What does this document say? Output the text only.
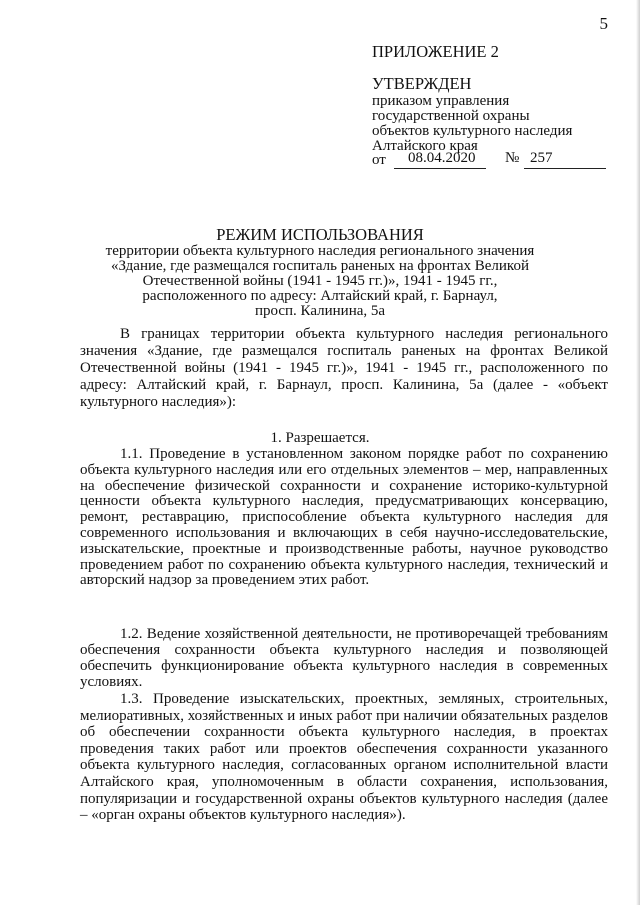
5
ПРИЛОЖЕНИЕ 2
УТВЕРЖДЕН
приказом управления
государственной охраны
объектов культурного наследия
Алтайского края
от 08.04.2020 № 257
РЕЖИМ ИСПОЛЬЗОВАНИЯ
территории объекта культурного наследия регионального значения
«Здание, где размещался госпиталь раненых на фронтах Великой
Отечественной войны (1941 - 1945 гг.)», 1941 - 1945 гг.,
расположенного по адресу: Алтайский край, г. Барнаул,
просп. Калинина, 5а
В границах территории объекта культурного наследия регионального значения «Здание, где размещался госпиталь раненых на фронтах Великой Отечественной войны (1941 - 1945 гг.)», 1941 - 1945 гг., расположенного по адресу: Алтайский край, г. Барнаул, просп. Калинина, 5а (далее - «объект культурного наследия»):
1. Разрешается.
1.1. Проведение в установленном законом порядке работ по сохранению объекта культурного наследия или его отдельных элементов – мер, направленных на обеспечение физической сохранности и сохранение историко-культурной ценности объекта культурного наследия, предусматривающих консервацию, ремонт, реставрацию, приспособление объекта культурного наследия для современного использования и включающих в себя научно-исследовательские, изыскательские, проектные и производственные работы, научное руководство проведением работ по сохранению объекта культурного наследия, технический и авторский надзор за проведением этих работ.
1.2. Ведение хозяйственной деятельности, не противоречащей требованиям обеспечения сохранности объекта культурного наследия и позволяющей обеспечить функционирование объекта культурного наследия в современных условиях.
1.3. Проведение изыскательских, проектных, земляных, строительных, мелиоративных, хозяйственных и иных работ при наличии обязательных разделов об обеспечении сохранности объекта культурного наследия, в проектах проведения таких работ или проектов обеспечения сохранности указанного объекта культурного наследия, согласованных органом исполнительной власти Алтайского края, уполномоченным в области сохранения, использования, популяризации и государственной охраны объектов культурного наследия (далее – «орган охраны объектов культурного наследия»).
